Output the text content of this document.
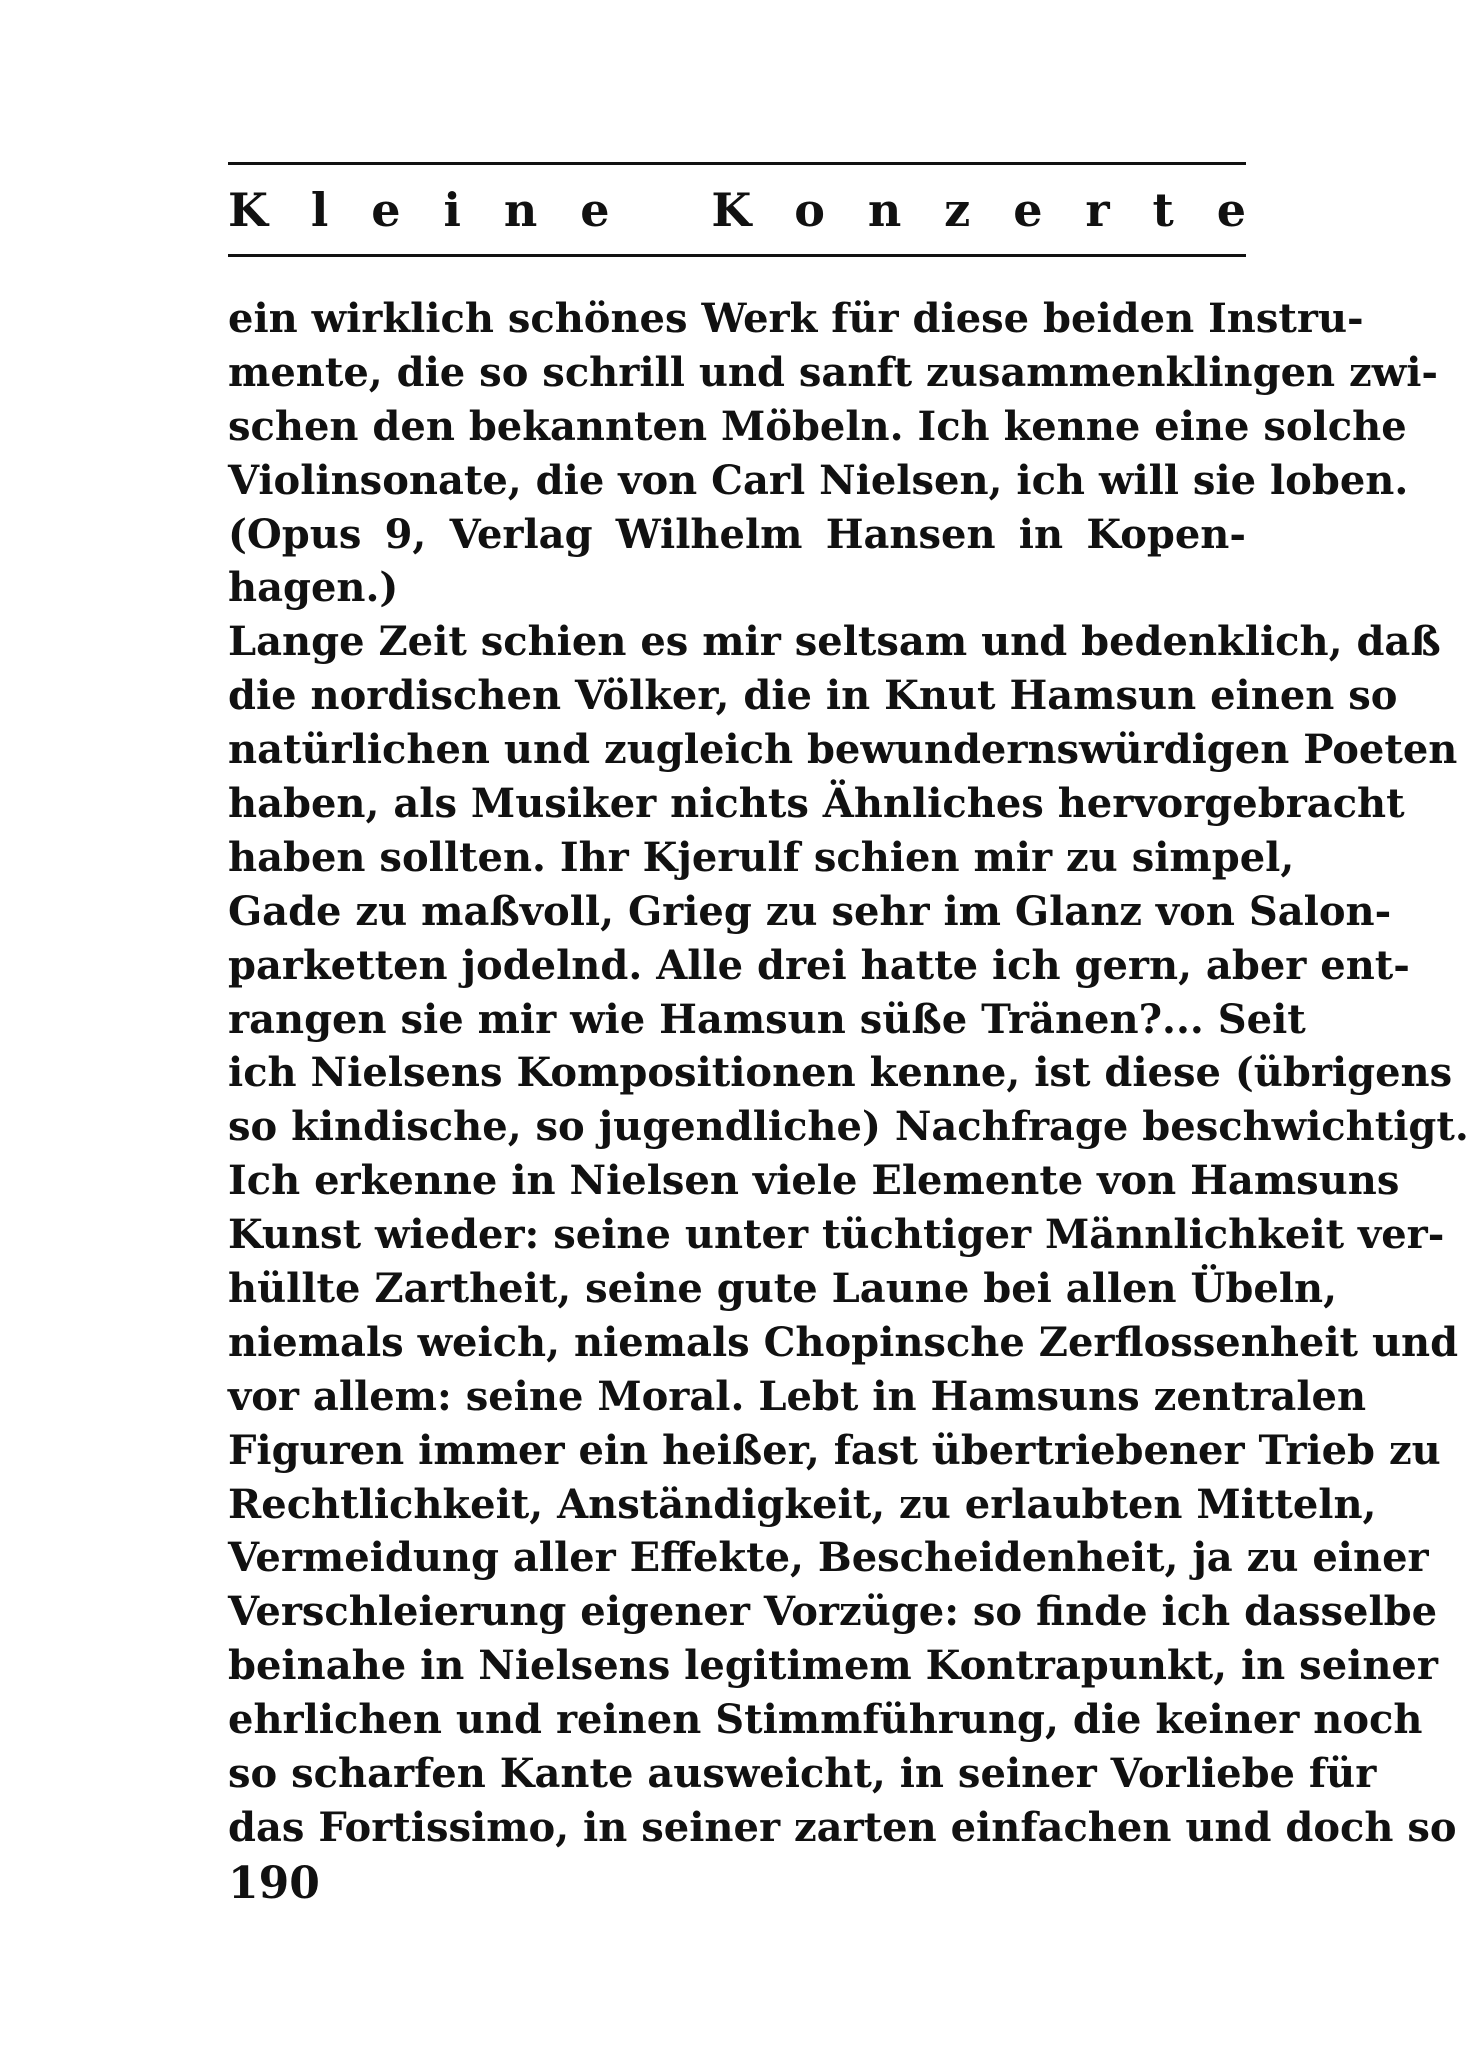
K l e i n e
K o n z e r t e
ein wirklich schönes Werk für diese beiden Instru-
mente, die so schrill und sanft zusammenklingen zwi-
schen den bekannten Möbeln. Ich kenne eine solche
Violinsonate, die von Carl Nielsen, ich will sie loben.
(Opus 9, Verlag Wilhelm Hansen in Kopen-
hagen.)
Lange Zeit schien es mir seltsam und bedenklich, daß
die nordischen Völker, die in Knut Hamsun einen so
natürlichen und zugleich bewundernswürdigen Poeten
haben, als Musiker nichts Ähnliches hervorgebracht
haben sollten. Ihr Kjerulf schien mir zu simpel,
Gade zu maßvoll, Grieg zu sehr im Glanz von Salon-
parketten jodelnd. Alle drei hatte ich gern, aber ent-
rangen sie mir wie Hamsun süße Tränen?... Seit
ich Nielsens Kompositionen kenne, ist diese (übrigens
so kindische, so jugendliche) Nachfrage beschwichtigt.
Ich erkenne in Nielsen viele Elemente von Hamsuns
Kunst wieder: seine unter tüchtiger Männlichkeit ver-
hüllte Zartheit, seine gute Laune bei allen Übeln,
niemals weich, niemals Chopinsche Zerflossenheit und
vor allem: seine Moral. Lebt in Hamsuns zentralen
Figuren immer ein heißer, fast übertriebener Trieb zu
Rechtlichkeit, Anständigkeit, zu erlaubten Mitteln,
Vermeidung aller Effekte, Bescheidenheit, ja zu einer
Verschleierung eigener Vorzüge: so finde ich dasselbe
beinahe in Nielsens legitimem Kontrapunkt, in seiner
ehrlichen und reinen Stimmführung, die keiner noch
so scharfen Kante ausweicht, in seiner Vorliebe für
das Fortissimo, in seiner zarten einfachen und doch so
190
